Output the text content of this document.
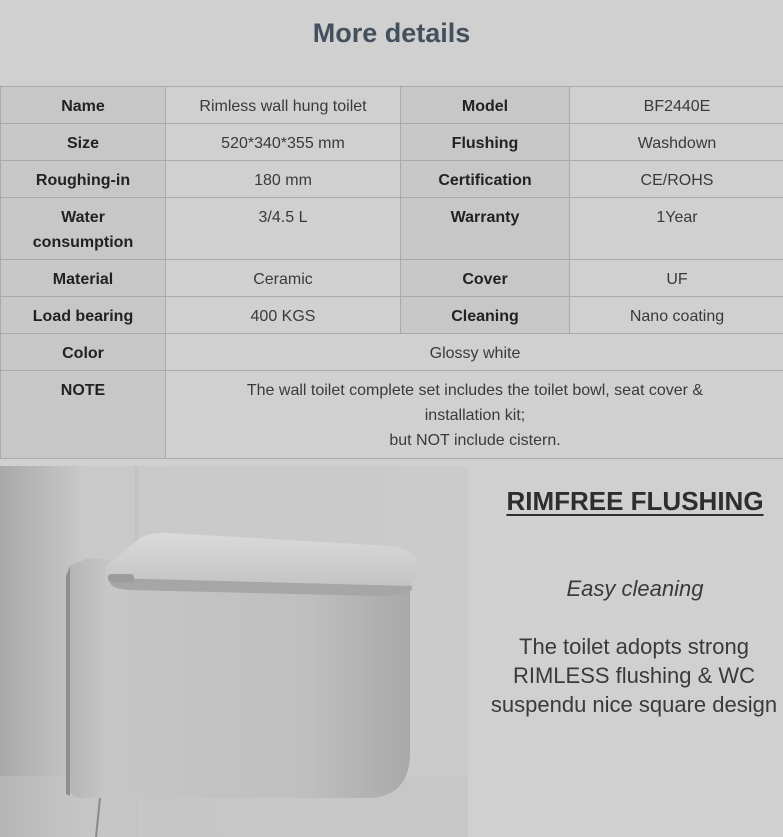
More details
Name	Rimless wall hung toilet	Model	BF2440E
Size	520*340*355 mm	Flushing	Washdown
Roughing-in	180 mm	Certification	CE/ROHS
Water
consumption	3/4.5 L	Warranty	1Year
Material	Ceramic	Cover	UF
Load bearing	400 KGS	Cleaning	Nano coating
Color	Glossy white		
NOTE	The wall toilet complete set includes the toilet bowl, seat cover &
installation kit;
but NOT include cistern.		
RIMFREE FLUSHING
Easy cleaning
The toilet adopts strong
RIMLESS flushing & WC
suspendu nice square design
